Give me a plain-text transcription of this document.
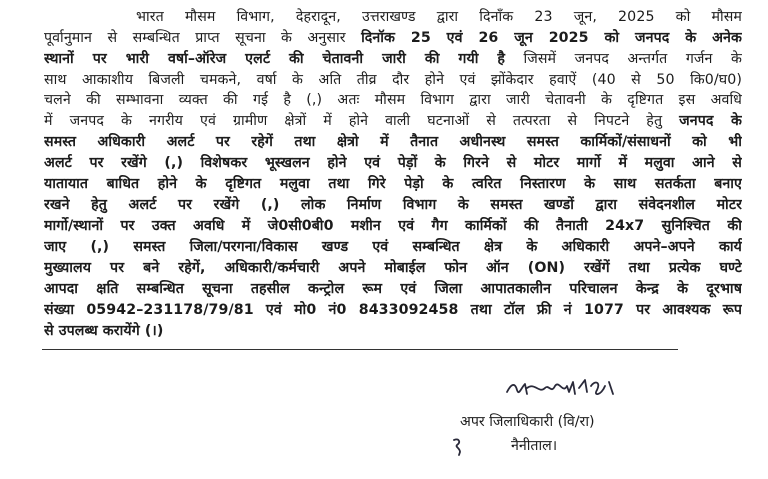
भारत मौसम विभाग, देहरादून, उत्तराखण्ड द्वारा दिनाँक 23 जून, 2025 को मौसम
पूर्वानुमान से सम्बन्धित प्राप्त सूचना के अनुसार दिनॉक 25 एवं 26 जून 2025 को जनपद के अनेक
स्थानों पर भारी वर्षा–ऑरेज एलर्ट की चेतावनी जारी की गयी है जिसमें जनपद अन्तर्गत गर्जन के
साथ आकाशीय बिजली चमकने, वर्षा के अति तीव्र दौर होने एवं झोंकेदार हवाऐं (40 से 50 कि0/घ0)
चलने की सम्भावना व्यक्त की गई है (,) अतः मौसम विभाग द्वारा जारी चेतावनी के दृष्टिगत इस अवधि
में जनपद के नगरीय एवं ग्रामीण क्षेत्रों में होने वाली घटनाओं से तत्परता से निपटने हेतु जनपद के
समस्त अधिकारी अलर्ट पर रहेगें तथा क्षेत्रो में तैनात अधीनस्थ समस्त कार्मिकों/संसाधनों को भी
अलर्ट पर रखेंगे (,) विशेषकर भूस्खलन होने एवं पेड़ों के गिरने से मोटर मार्गो में मलुवा आने से
यातायात बाधित होने के दृष्टिगत मलुवा तथा गिरे पेड़ो के त्वरित निस्तारण के साथ सतर्कता बनाए
रखने हेतु अलर्ट पर रखेंगे (,) लोक निर्माण विभाग के समस्त खण्डों द्वारा संवेदनशील मोटर
मार्गो/स्थानों पर उक्त अवधि में जे0सी0बी0 मशीन एवं गैग कार्मिकों की तैनाती 24x7 सुनिश्चित की
जाए (,) समस्त जिला/परगना/विकास खण्ड एवं सम्बन्धित क्षेत्र के अधिकारी अपने–अपने कार्य
मुख्यालय पर बने रहेगें, अधिकारी/कर्मचारी अपने मोबाईल फोन ऑन (ON) रखेंगें तथा प्रत्येक घण्टे
आपदा क्षति सम्बन्धित सूचना तहसील कन्ट्रोल रूम एवं जिला आपातकालीन परिचालन केन्द्र के दूरभाष
संख्या 05942–231178/79/81 एवं मो0 नं0 8433092458 तथा टॉल फ्री नं 1077 पर आवश्यक रूप
से उपलब्ध करायेंगे (।)
अपर जिलाधिकारी (वि/रा)
नैनीताल।
